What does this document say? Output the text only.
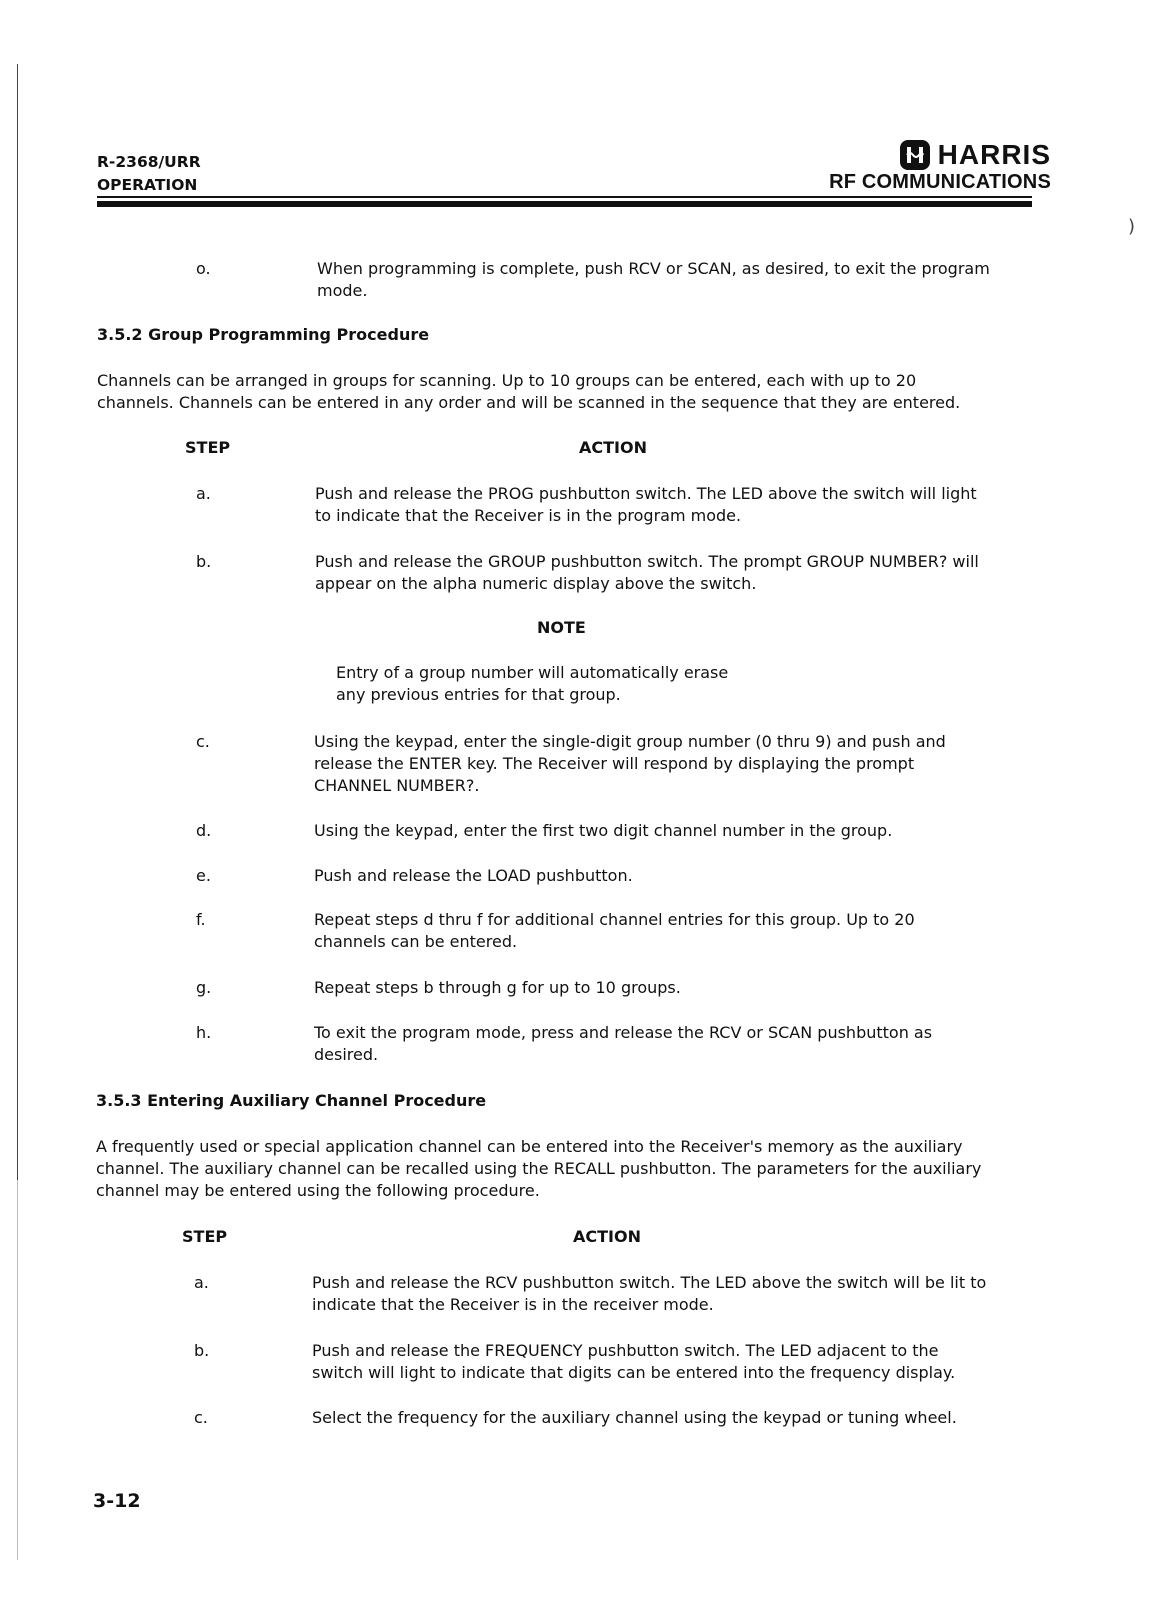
)
R-2368/URR
OPERATION
HARRIS
RF COMMUNICATIONS
o.	When programming is complete, push RCV or SCAN, as desired, to exit the program
mode.
3.5.2 Group Programming Procedure
Channels can be arranged in groups for scanning. Up to 10 groups can be entered, each with up to 20
channels. Channels can be entered in any order and will be scanned in the sequence that they are entered.
STEP	ACTION
a.	Push and release the PROG pushbutton switch. The LED above the switch will light
to indicate that the Receiver is in the program mode.
b.	Push and release the GROUP pushbutton switch. The prompt GROUP NUMBER? will
appear on the alpha numeric display above the switch.
NOTE
Entry of a group number will automatically erase
any previous entries for that group.
c.	Using the keypad, enter the single-digit group number (0 thru 9) and push and
release the ENTER key. The Receiver will respond by displaying the prompt
CHANNEL NUMBER?.
d.	Using the keypad, enter the first two digit channel number in the group.
e.	Push and release the LOAD pushbutton.
f.	Repeat steps d thru f for additional channel entries for this group. Up to 20
channels can be entered.
g.	Repeat steps b through g for up to 10 groups.
h.	To exit the program mode, press and release the RCV or SCAN pushbutton as
desired.
3.5.3 Entering Auxiliary Channel Procedure
A frequently used or special application channel can be entered into the Receiver's memory as the auxiliary
channel. The auxiliary channel can be recalled using the RECALL pushbutton. The parameters for the auxiliary
channel may be entered using the following procedure.
STEP	ACTION
a.	Push and release the RCV pushbutton switch. The LED above the switch will be lit to
indicate that the Receiver is in the receiver mode.
b.	Push and release the FREQUENCY pushbutton switch. The LED adjacent to the
switch will light to indicate that digits can be entered into the frequency display.
c.	Select the frequency for the auxiliary channel using the keypad or tuning wheel.
3-12
